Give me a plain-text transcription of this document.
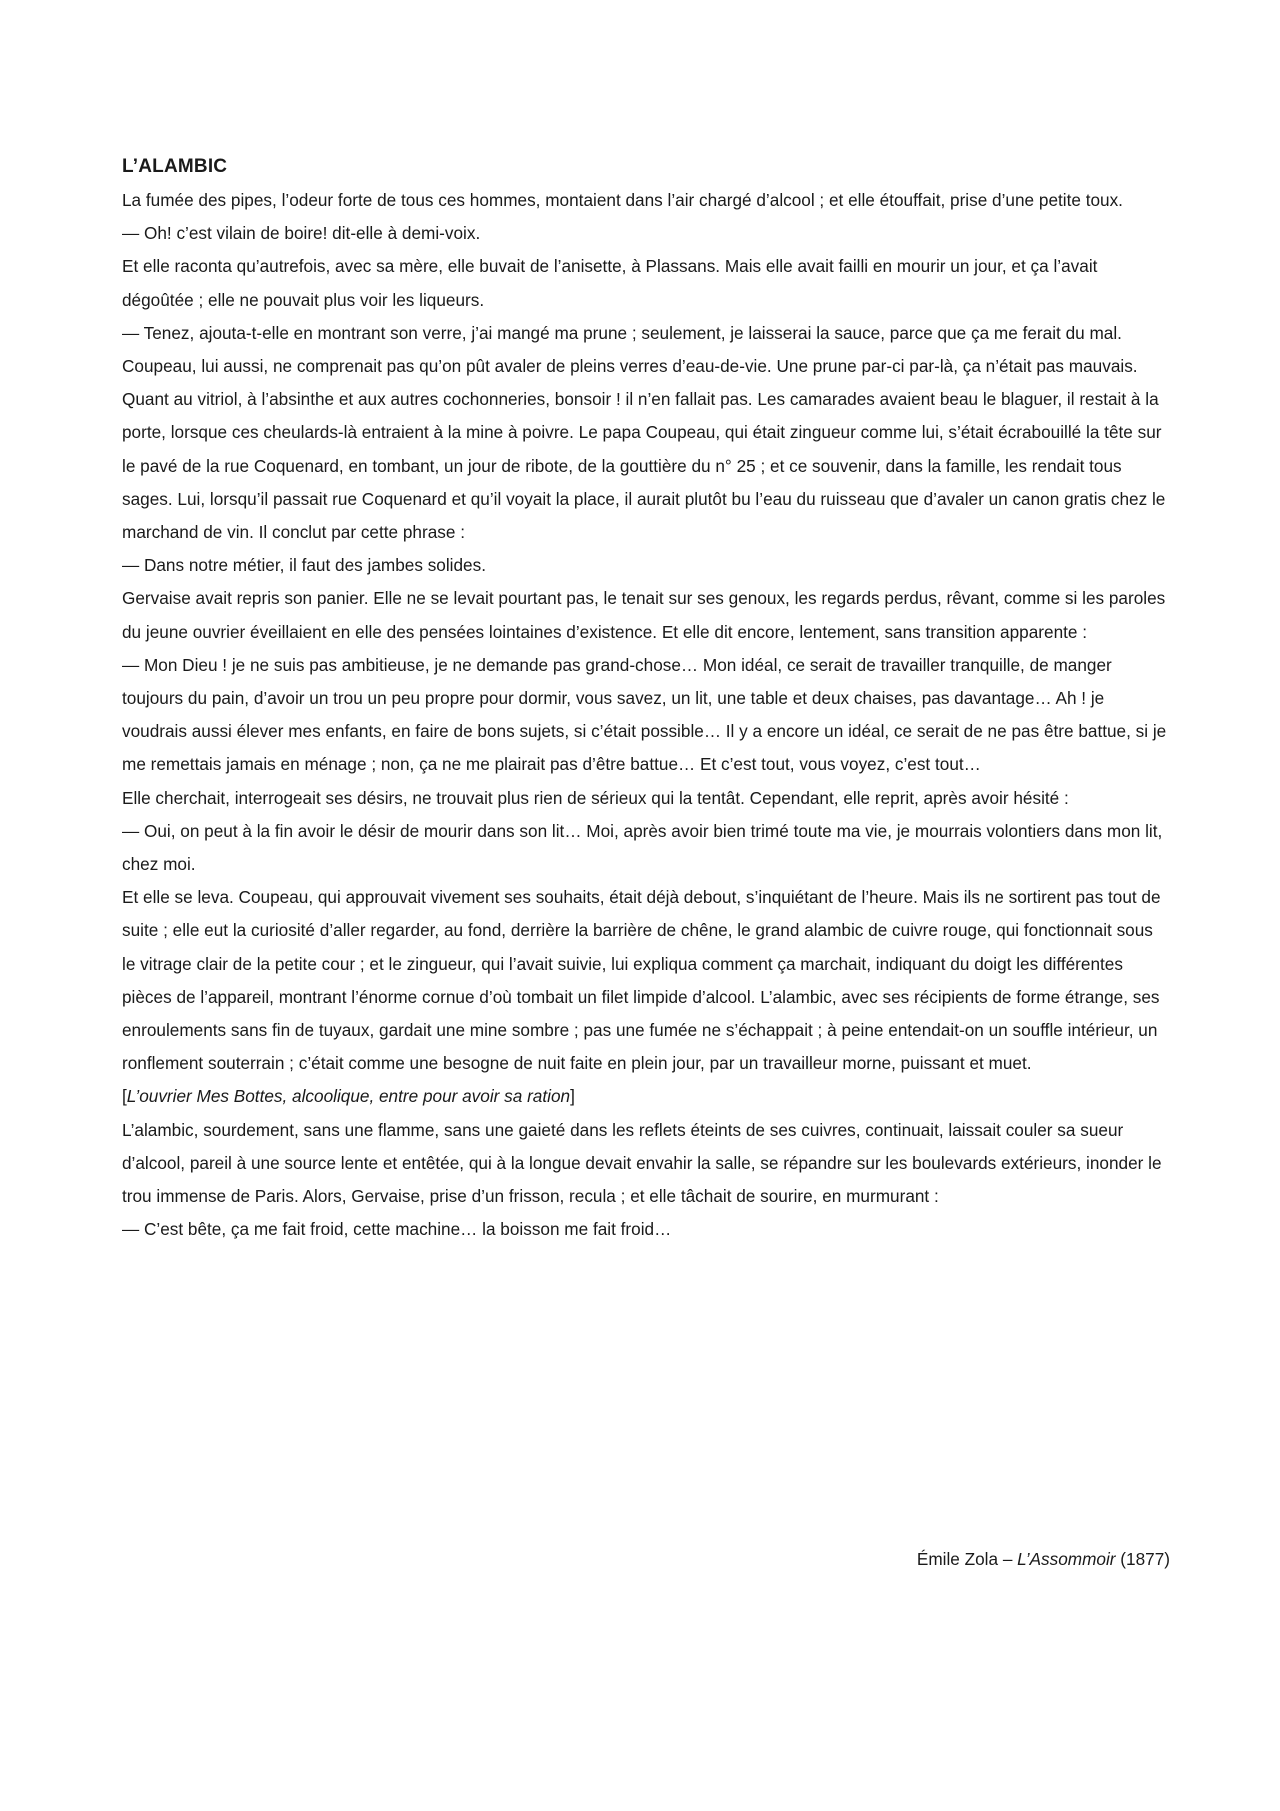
L’ALAMBIC

La fumée des pipes, l’odeur forte de tous ces hommes, montaient dans l’air chargé d’alcool ; et elle étouffait, prise d’une petite toux.

— Oh! c’est vilain de boire! dit-elle à demi-voix.

Et elle raconta qu’autrefois, avec sa mère, elle buvait de l’anisette, à Plassans. Mais elle avait failli en mourir un jour, et ça l’avait dégoûtée ; elle ne pouvait plus voir les liqueurs.

— Tenez, ajouta-t-elle en montrant son verre, j’ai mangé ma prune ; seulement, je laisserai la sauce, parce que ça me ferait du mal.

Coupeau, lui aussi, ne comprenait pas qu’on pût avaler de pleins verres d’eau-de-vie. Une prune par-ci par-là, ça n’était pas mauvais. Quant au vitriol, à l’absinthe et aux autres cochonneries, bonsoir ! il n’en fallait pas. Les camarades avaient beau le blaguer, il restait à la porte, lorsque ces cheulards-là entraient à la mine à poivre. Le papa Coupeau, qui était zingueur comme lui, s’était écrabouillé la tête sur le pavé de la rue Coquenard, en tombant, un jour de ribote, de la gouttière du n° 25 ; et ce souvenir, dans la famille, les rendait tous sages. Lui, lorsqu’il passait rue Coquenard et qu’il voyait la place, il aurait plutôt bu l’eau du ruisseau que d’avaler un canon gratis chez le marchand de vin. Il conclut par cette phrase :

— Dans notre métier, il faut des jambes solides.

Gervaise avait repris son panier. Elle ne se levait pourtant pas, le tenait sur ses genoux, les regards perdus, rêvant, comme si les paroles du jeune ouvrier éveillaient en elle des pensées lointaines d’existence. Et elle dit encore, lentement, sans transition apparente :

— Mon Dieu ! je ne suis pas ambitieuse, je ne demande pas grand-chose… Mon idéal, ce serait de travailler tranquille, de manger toujours du pain, d’avoir un trou un peu propre pour dormir, vous savez, un lit, une table et deux chaises, pas davantage… Ah ! je voudrais aussi élever mes enfants, en faire de bons sujets, si c’était possible… Il y a encore un idéal, ce serait de ne pas être battue, si je me remettais jamais en ménage ; non, ça ne me plairait pas d’être battue… Et c’est tout, vous voyez, c’est tout…

Elle cherchait, interrogeait ses désirs, ne trouvait plus rien de sérieux qui la tentât. Cependant, elle reprit, après avoir hésité :

— Oui, on peut à la fin avoir le désir de mourir dans son lit… Moi, après avoir bien trimé toute ma vie, je mourrais volontiers dans mon lit, chez moi.

Et elle se leva. Coupeau, qui approuvait vivement ses souhaits, était déjà debout, s’inquiétant de l’heure. Mais ils ne sortirent pas tout de suite ; elle eut la curiosité d’aller regarder, au fond, derrière la barrière de chêne, le grand alambic de cuivre rouge, qui fonctionnait sous le vitrage clair de la petite cour ; et le zingueur, qui l’avait suivie, lui expliqua comment ça marchait, indiquant du doigt les différentes pièces de l’appareil, montrant l’énorme cornue d’où tombait un filet limpide d’alcool. L’alambic, avec ses récipients de forme étrange, ses enroulements sans fin de tuyaux, gardait une mine sombre ; pas une fumée ne s’échappait ; à peine entendait-on un souffle intérieur, un ronflement souterrain ; c’était comme une besogne de nuit faite en plein jour, par un travailleur morne, puissant et muet.

[L’ouvrier Mes Bottes, alcoolique, entre pour avoir sa ration]

L’alambic, sourdement, sans une flamme, sans une gaieté dans les reflets éteints de ses cuivres, continuait, laissait couler sa sueur d’alcool, pareil à une source lente et entêtée, qui à la longue devait envahir la salle, se répandre sur les boulevards extérieurs, inonder le trou immense de Paris. Alors, Gervaise, prise d’un frisson, recula ; et elle tâchait de sourire, en murmurant :

— C’est bête, ça me fait froid, cette machine… la boisson me fait froid…

Émile Zola – L’Assommoir (1877)
